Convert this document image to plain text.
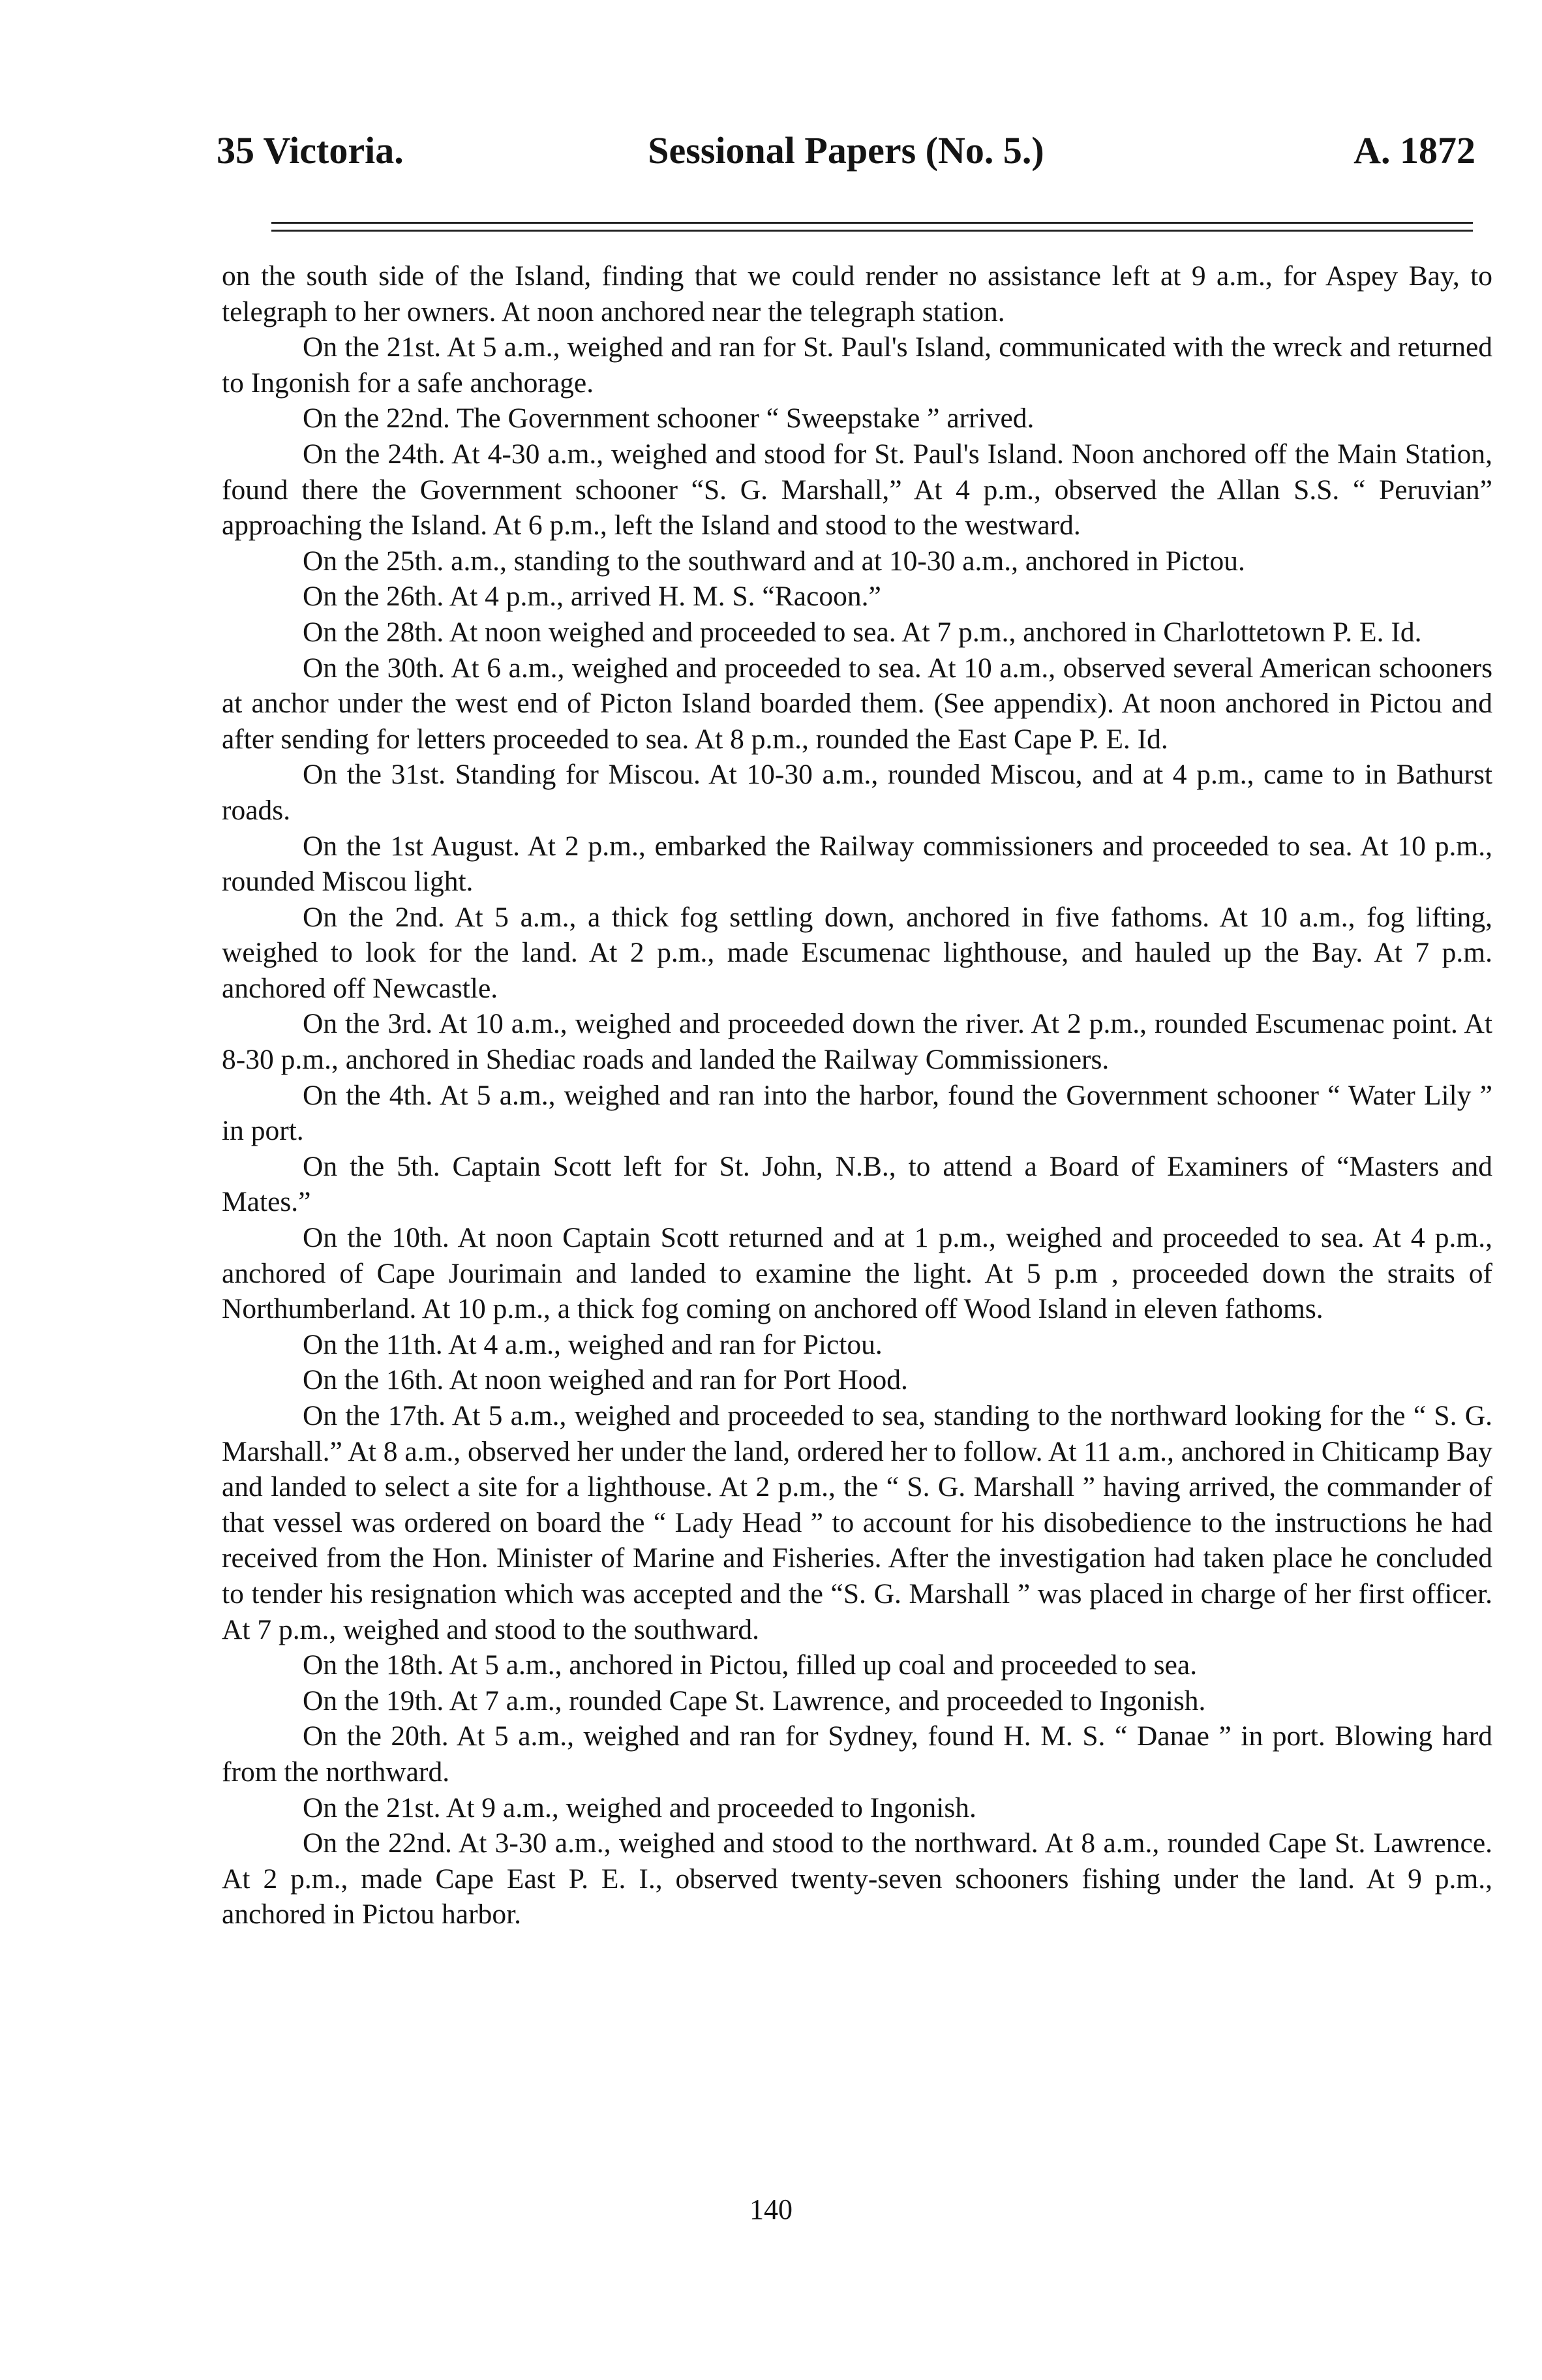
35 Victoria.	Sessional Papers (No. 5.)	A. 1872

on the south side of the Island, finding that we could render no assistance left at 9 a.m., for Aspey Bay, to telegraph to her owners. At noon anchored near the telegraph station.

On the 21st. At 5 a.m., weighed and ran for St. Paul's Island, communicated with the wreck and returned to Ingonish for a safe anchorage.

On the 22nd. The Government schooner “ Sweepstake ” arrived.

On the 24th. At 4-30 a.m., weighed and stood for St. Paul's Island. Noon anchored off the Main Station, found there the Government schooner “S. G. Marshall,” At 4 p.m., observed the Allan S.S. “ Peruvian” approaching the Island. At 6 p.m., left the Island and stood to the westward.

On the 25th. a.m., standing to the southward and at 10-30 a.m., anchored in Pictou.

On the 26th. At 4 p.m., arrived H. M. S. “Racoon.”

On the 28th. At noon weighed and proceeded to sea. At 7 p.m., anchored in Charlottetown P. E. Id.

On the 30th. At 6 a.m., weighed and proceeded to sea. At 10 a.m., observed several American schooners at anchor under the west end of Picton Island boarded them. (See appendix). At noon anchored in Pictou and after sending for letters proceeded to sea. At 8 p.m., rounded the East Cape P. E. Id.

On the 31st. Standing for Miscou. At 10-30 a.m., rounded Miscou, and at 4 p.m., came to in Bathurst roads.

On the 1st August. At 2 p.m., embarked the Railway commissioners and proceeded to sea. At 10 p.m., rounded Miscou light.

On the 2nd. At 5 a.m., a thick fog settling down, anchored in five fathoms. At 10 a.m., fog lifting, weighed to look for the land. At 2 p.m., made Escumenac lighthouse, and hauled up the Bay. At 7 p.m. anchored off Newcastle.

On the 3rd. At 10 a.m., weighed and proceeded down the river. At 2 p.m., rounded Escumenac point. At 8-30 p.m., anchored in Shediac roads and landed the Railway Commissioners.

On the 4th. At 5 a.m., weighed and ran into the harbor, found the Government schooner “ Water Lily ” in port.

On the 5th. Captain Scott left for St. John, N.B., to attend a Board of Examiners of “Masters and Mates.”

On the 10th. At noon Captain Scott returned and at 1 p.m., weighed and proceeded to sea. At 4 p.m., anchored of Cape Jourimain and landed to examine the light. At 5 p.m , proceeded down the straits of Northumberland. At 10 p.m., a thick fog coming on anchored off Wood Island in eleven fathoms.

On the 11th. At 4 a.m., weighed and ran for Pictou.

On the 16th. At noon weighed and ran for Port Hood.

On the 17th. At 5 a.m., weighed and proceeded to sea, standing to the northward looking for the “ S. G. Marshall.” At 8 a.m., observed her under the land, ordered her to follow. At 11 a.m., anchored in Chiticamp Bay and landed to select a site for a lighthouse. At 2 p.m., the “ S. G. Marshall ” having arrived, the commander of that vessel was ordered on board the “ Lady Head ” to account for his disobedience to the instructions he had received from the Hon. Minister of Marine and Fisheries. After the investigation had taken place he concluded to tender his resignation which was accepted and the “S. G. Marshall ” was placed in charge of her first officer. At 7 p.m., weighed and stood to the southward.

On the 18th. At 5 a.m., anchored in Pictou, filled up coal and proceeded to sea.

On the 19th. At 7 a.m., rounded Cape St. Lawrence, and proceeded to Ingonish.

On the 20th. At 5 a.m., weighed and ran for Sydney, found H. M. S. “ Danae ” in port. Blowing hard from the northward.

On the 21st. At 9 a.m., weighed and proceeded to Ingonish.

On the 22nd. At 3-30 a.m., weighed and stood to the northward. At 8 a.m., rounded Cape St. Lawrence. At 2 p.m., made Cape East P. E. I., observed twenty-seven schooners fishing under the land. At 9 p.m., anchored in Pictou harbor.

140
